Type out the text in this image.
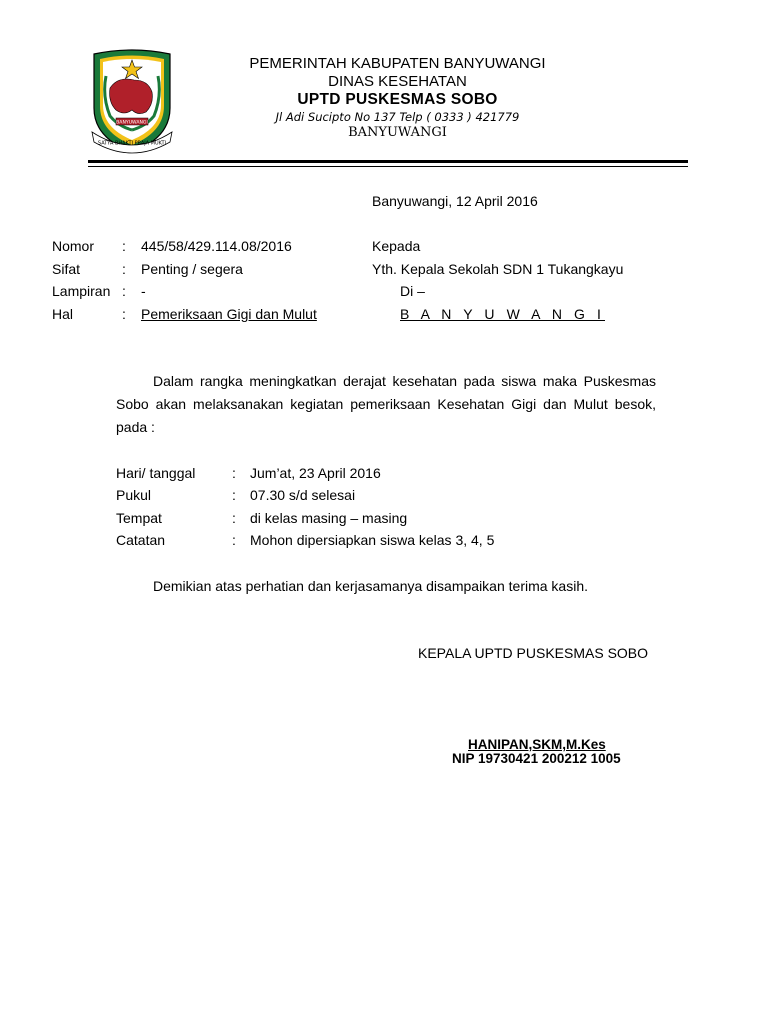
BANYUWANGI
SATYA BHAKTI PRAJA MUKTI
PEMERINTAH KABUPATEN BANYUWANGI
DINAS KESEHATAN
UPTD PUSKESMAS SOBO
Jl Adi Sucipto No 137 Telp ( 0333 ) 421779
BANYUWANGI
Banyuwangi, 12 April 2016
Nomor : 445/58/429.114.08/2016
Sifat	: Penting / segera
Lampiran : -
Hal	: Pemeriksaan Gigi dan Mulut
Kepada
Yth. Kepala Sekolah SDN 1 Tukangkayu
Di –
B A N Y U W A N G I
Dalam rangka meningkatkan derajat kesehatan pada siswa maka Puskesmas Sobo akan melaksanakan kegiatan pemeriksaan Kesehatan Gigi dan Mulut besok, pada :
Hari/ tanggal	: Jum’at, 23 April 2016
Pukul	: 07.30 s/d selesai
Tempat	: di kelas masing – masing
Catatan	: Mohon dipersiapkan siswa kelas 3, 4, 5
Demikian atas perhatian dan kerjasamanya disampaikan terima kasih.
KEPALA UPTD PUSKESMAS SOBO
HANIPAN,SKM,M.Kes
NIP 19730421 200212 1005
